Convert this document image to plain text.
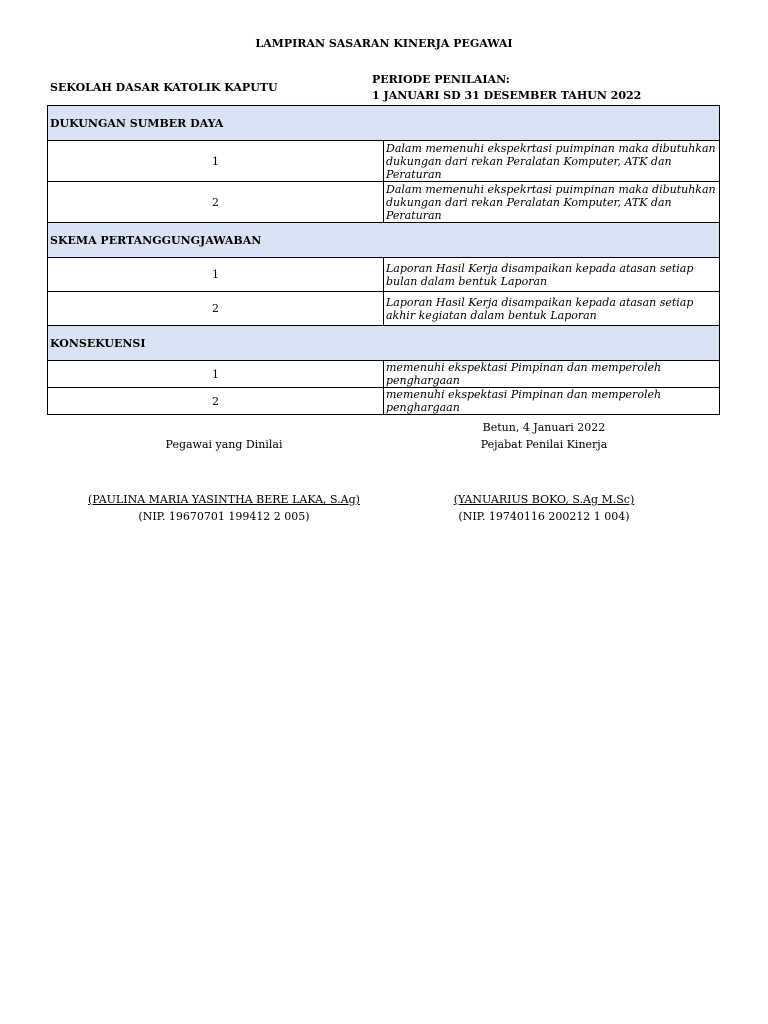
LAMPIRAN SASARAN KINERJA PEGAWAI
SEKOLAH DASAR KATOLIK KAPUTU
PERIODE PENILAIAN:
1 JANUARI SD 31 DESEMBER TAHUN 2022
DUKUNGAN SUMBER DAYA	
1	Dalam memenuhi ekspekrtasi puimpinan maka dibutuhkan dukungan dari rekan Peralatan Komputer, ATK dan Peraturan
2	Dalam memenuhi ekspekrtasi puimpinan maka dibutuhkan dukungan dari rekan Peralatan Komputer, ATK dan Peraturan
SKEMA PERTANGGUNGJAWABAN	
1	Laporan Hasil Kerja disampaikan kepada atasan setiap bulan dalam bentuk Laporan
2	Laporan Hasil Kerja disampaikan kepada atasan setiap akhir kegiatan dalam bentuk Laporan
KONSEKUENSI	
1	memenuhi ekspektasi Pimpinan dan memperoleh penghargaan
2	memenuhi ekspektasi Pimpinan dan memperoleh penghargaan
Betun, 4 Januari 2022
Pegawai yang Dinilai	Pejabat Penilai Kinerja
(PAULINA MARIA YASINTHA BERE LAKA, S.Ag)
(NIP. 19670701 199412 2 005)
(YANUARIUS BOKO, S.Ag M.Sc)
(NIP. 19740116 200212 1 004)
